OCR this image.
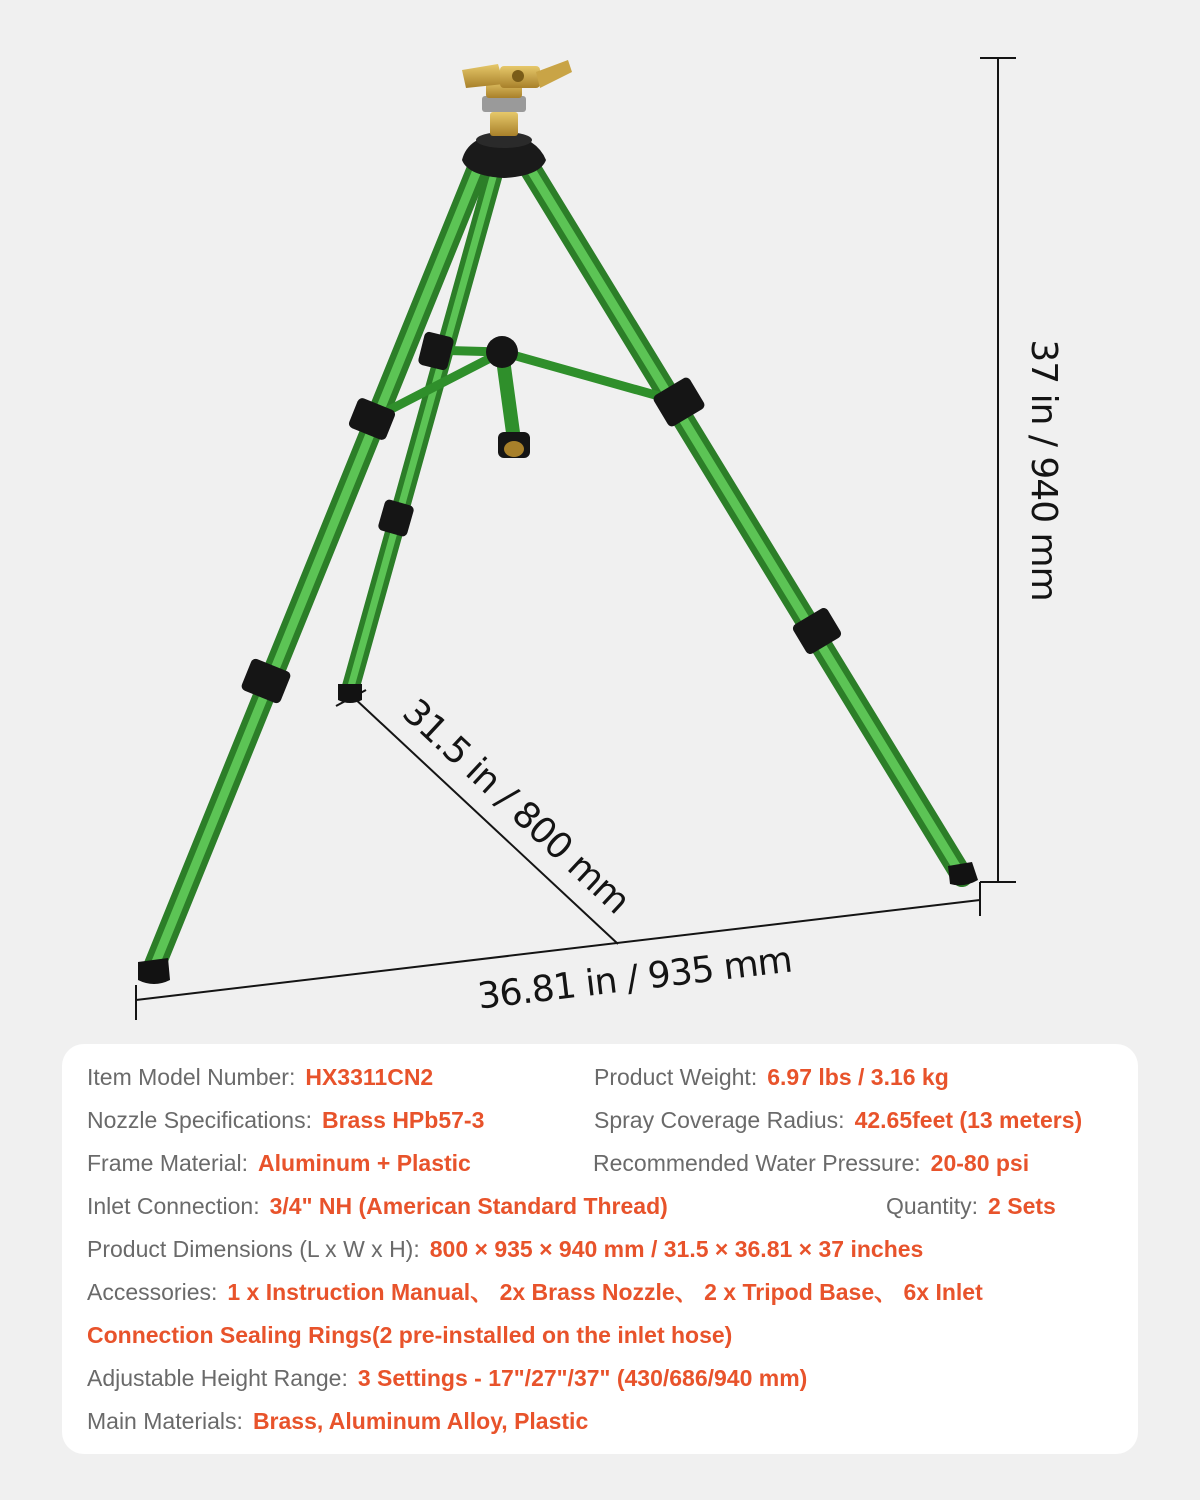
37 in / 940 mm
31.5 in / 800 mm
36.81 in / 935 mm
Item Model Number: HX3311CN2	Product Weight: 6.97 lbs / 3.16 kg
Nozzle Specifications: Brass HPb57-3	Spray Coverage Radius: 42.65feet (13 meters)
Frame Material: Aluminum + Plastic	Recommended Water Pressure: 20-80 psi
Inlet Connection: 3/4" NH (American Standard Thread)	Quantity: 2 Sets
Product Dimensions (L x W x H): 800 × 935 × 940 mm / 31.5 × 36.81 × 37 inches
Accessories: 1 x Instruction Manual、 2x Brass Nozzle、 2 x Tripod Base、 6x Inlet
Connection Sealing Rings(2 pre-installed on the inlet hose)
Adjustable Height Range: 3 Settings - 17"/27"/37" (430/686/940 mm)
Main Materials: Brass, Aluminum Alloy, Plastic
